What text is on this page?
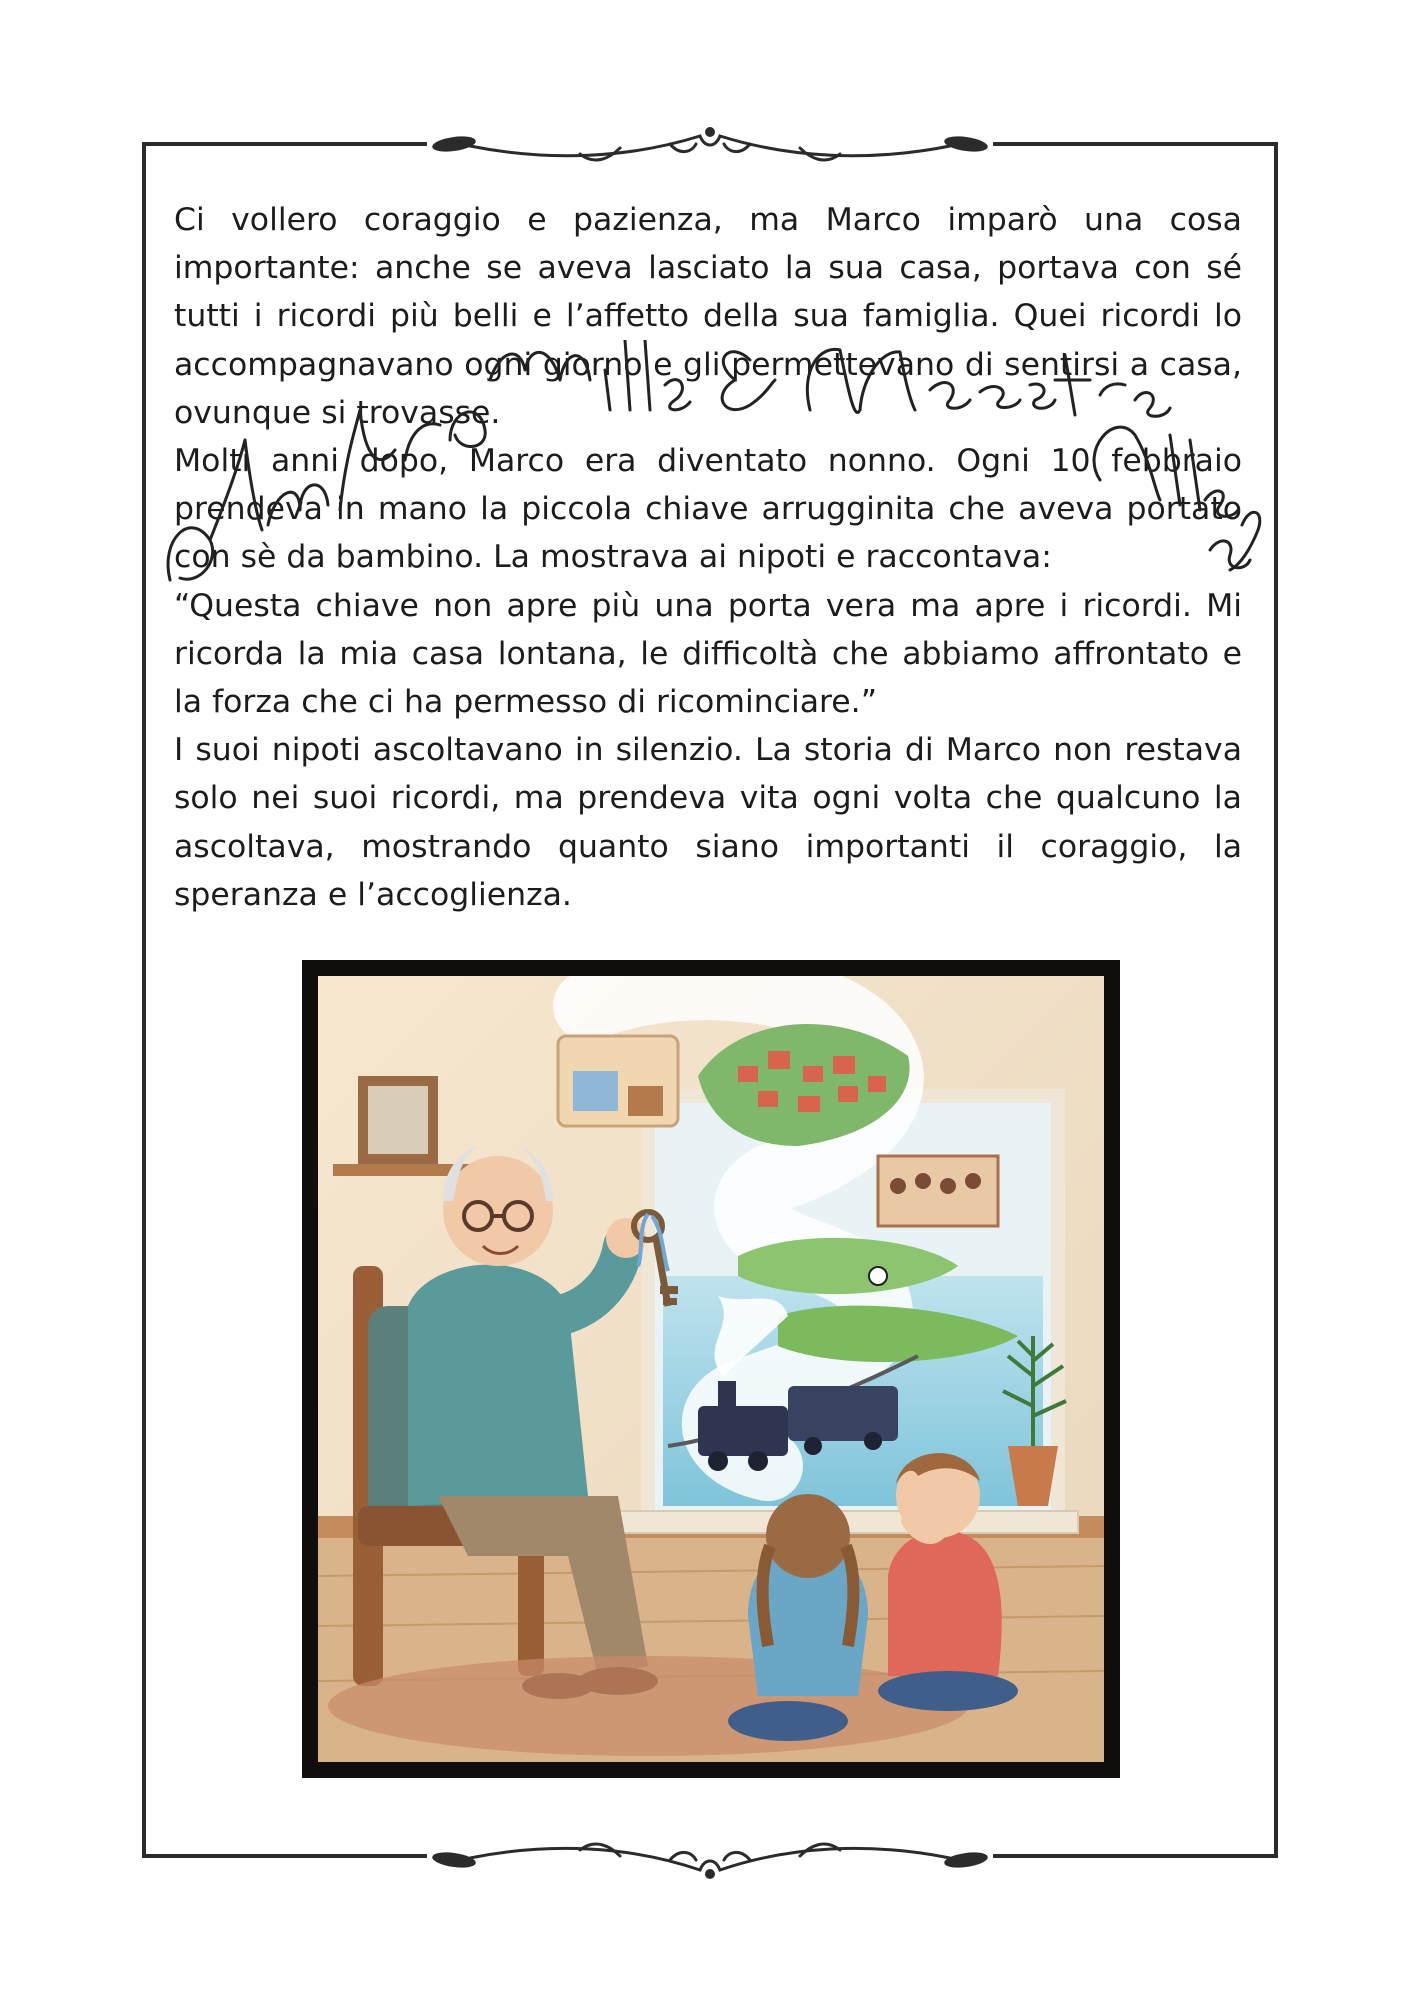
Ci vollero coraggio e pazienza, ma Marco imparò una cosa importante: anche se aveva lasciato la sua casa, portava con sé tutti i ricordi più belli e l’affetto della sua famiglia. Quei ricordi lo accompagnavano ogni giorno e gli permettevano di sentirsi a casa, ovunque si trovasse.

Molti anni dopo, Marco era diventato nonno. Ogni 10 febbraio prendeva in mano la piccola chiave arrugginita che aveva portato con sè da bambino. La mostrava ai nipoti e raccontava:

“Questa chiave non apre più una porta vera ma apre i ricordi. Mi ricorda la mia casa lontana, le difficoltà che abbiamo affrontato e la forza che ci ha permesso di ricominciare.”

I suoi nipoti ascoltavano in silenzio. La storia di Marco non restava solo nei suoi ricordi, ma prendeva vita ogni volta che qualcuno la ascoltava, mostrando quanto siano importanti il coraggio, la speranza e l’accoglienza.
